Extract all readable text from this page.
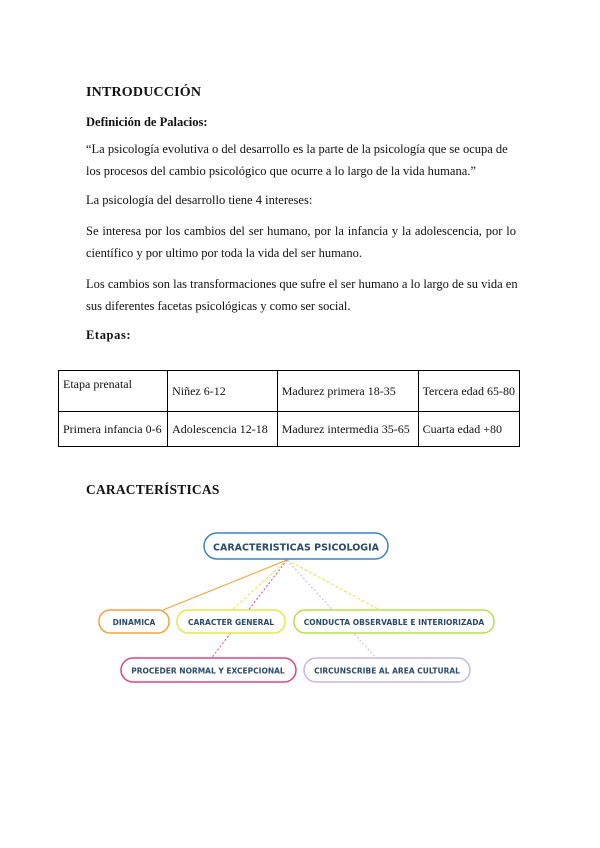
INTRODUCCIÓN
Definición de Palacios:
“La psicología evolutiva o del desarrollo es la parte de la psicología que se ocupa de
los procesos del cambio psicológico que ocurre a lo largo de la vida humana.”
La psicología del desarrollo tiene 4 intereses:
Se interesa por los cambios del ser humano, por la infancia y la adolescencia, por lo
científico y por ultimo por toda la vida del ser humano.
Los cambios son las transformaciones que sufre el ser humano a lo largo de su vida en
sus diferentes facetas psicológicas y como ser social.
Etapas:
Etapa prenatal	Niñez 6-12	Madurez primera 18-35	Tercera edad 65-80
Primera infancia 0-6	Adolescencia 12-18	Madurez intermedia 35-65	Cuarta edad +80
CARACTERÍSTICAS
CARACTERISTICAS PSICOLOGIA
DINAMICA	CARACTER GENERAL	CONDUCTA OBSERVABLE E INTERIORIZADA
PROCEDER NORMAL Y EXCEPCIONAL	CIRCUNSCRIBE AL AREA CULTURAL
